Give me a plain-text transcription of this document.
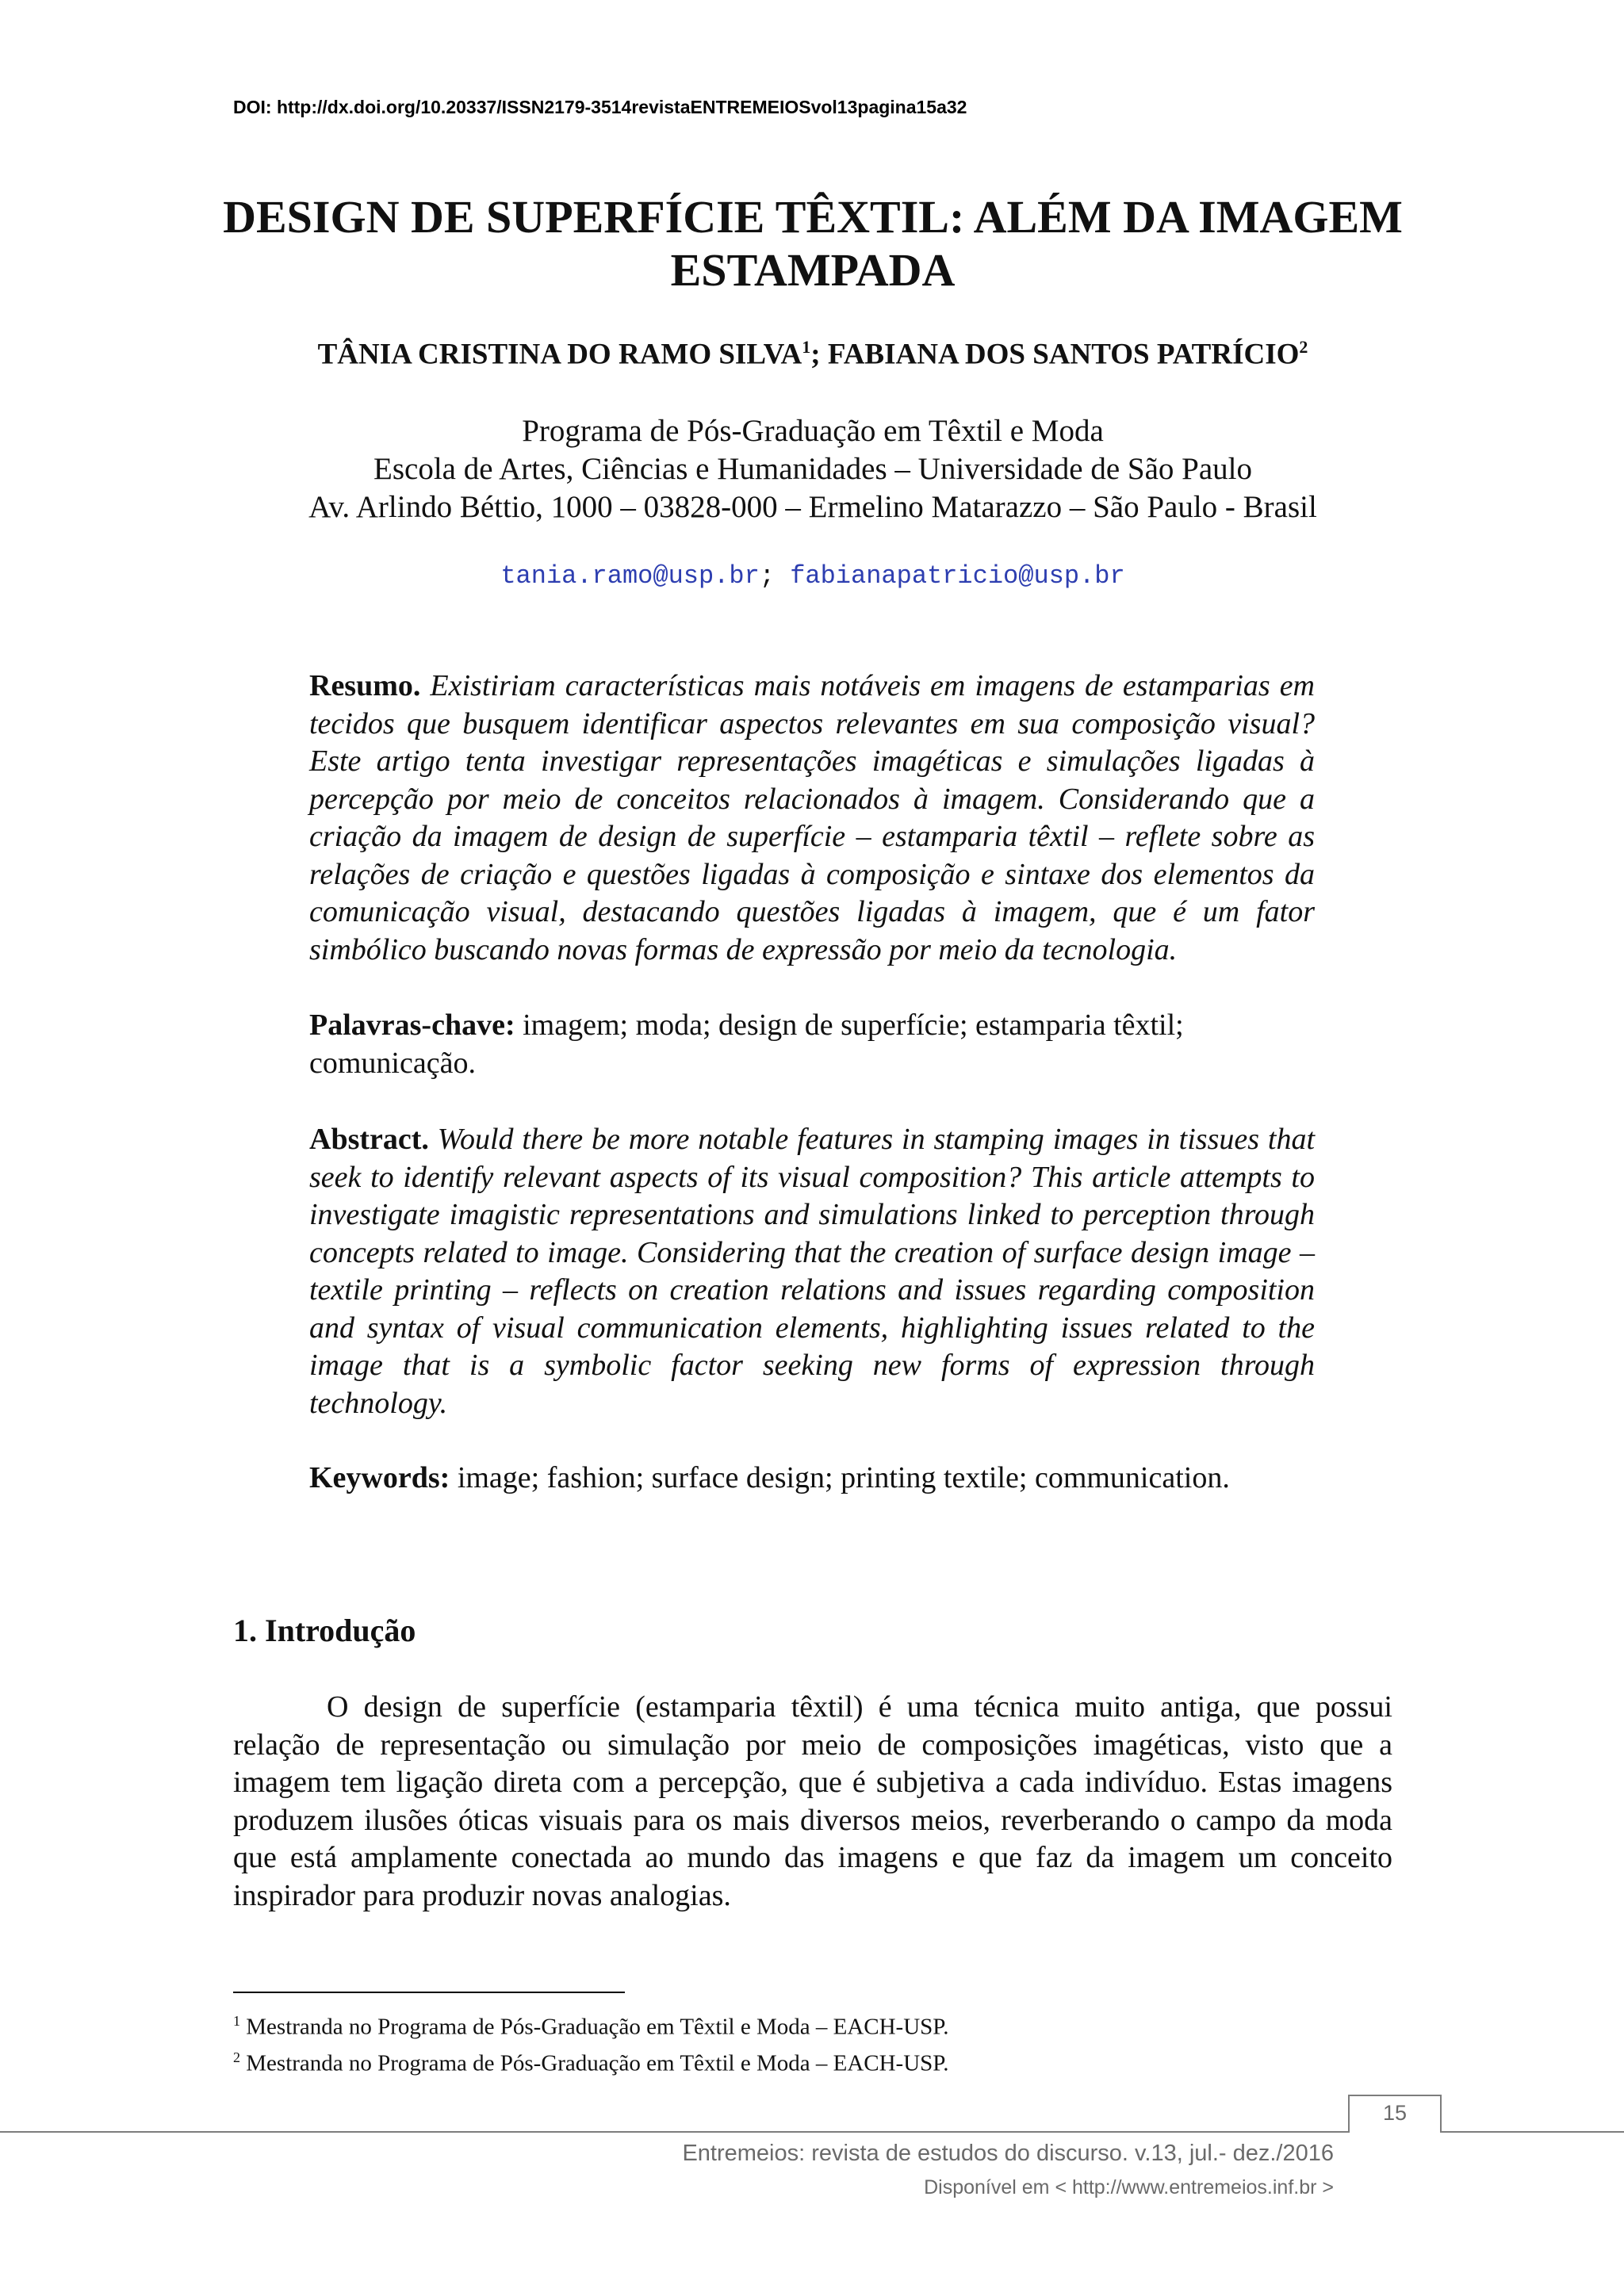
DOI: http://dx.doi.org/10.20337/ISSN2179-3514revistaENTREMEIOSvol13pagina15a32
DESIGN DE SUPERFÍCIE TÊXTIL: ALÉM DA IMAGEM
ESTAMPADA
TÂNIA CRISTINA DO RAMO SILVA$^1$; FABIANA DOS SANTOS PATRÍCIO$^2$
Programa de Pós-Graduação em Têxtil e Moda
Escola de Artes, Ciências e Humanidades – Universidade de São Paulo
Av. Arlindo Béttio, 1000 – 03828-000 – Ermelino Matarazzo – São Paulo - Brasil
tania.ramo@usp.br; fabianapatricio@usp.br
Resumo. Existiriam características mais notáveis em imagens de estamparias em tecidos que busquem identificar aspectos relevantes em sua composição visual? Este artigo tenta investigar representações imagéticas e simulações ligadas à percepção por meio de conceitos relacionados à imagem. Considerando que a criação da imagem de design de superfície – estamparia têxtil – reflete sobre as relações de criação e questões ligadas à composição e sintaxe dos elementos da comunicação visual, destacando questões ligadas à imagem, que é um fator simbólico buscando novas formas de expressão por meio da tecnologia.
Palavras-chave: imagem; moda; design de superfície; estamparia têxtil; comunicação.
Abstract. Would there be more notable features in stamping images in tissues that seek to identify relevant aspects of its visual composition? This article attempts to investigate imagistic representations and simulations linked to perception through concepts related to image. Considering that the creation of surface design image – textile printing – reflects on creation relations and issues regarding composition and syntax of visual communication elements, highlighting issues related to the image that is a symbolic factor seeking new forms of expression through technology.
Keywords: image; fashion; surface design; printing textile; communication.
1. Introdução
O design de superfície (estamparia têxtil) é uma técnica muito antiga, que possui relação de representação ou simulação por meio de composições imagéticas, visto que a imagem tem ligação direta com a percepção, que é subjetiva a cada indivíduo. Estas imagens produzem ilusões óticas visuais para os mais diversos meios, reverberando o campo da moda que está amplamente conectada ao mundo das imagens e que faz da imagem um conceito inspirador para produzir novas analogias.
$^1$ Mestranda no Programa de Pós-Graduação em Têxtil e Moda – EACH-USP.
$^2$ Mestranda no Programa de Pós-Graduação em Têxtil e Moda – EACH-USP.
15
Entremeios: revista de estudos do discurso. v.13, jul.- dez./2016
Disponível em < http://www.entremeios.inf.br >
